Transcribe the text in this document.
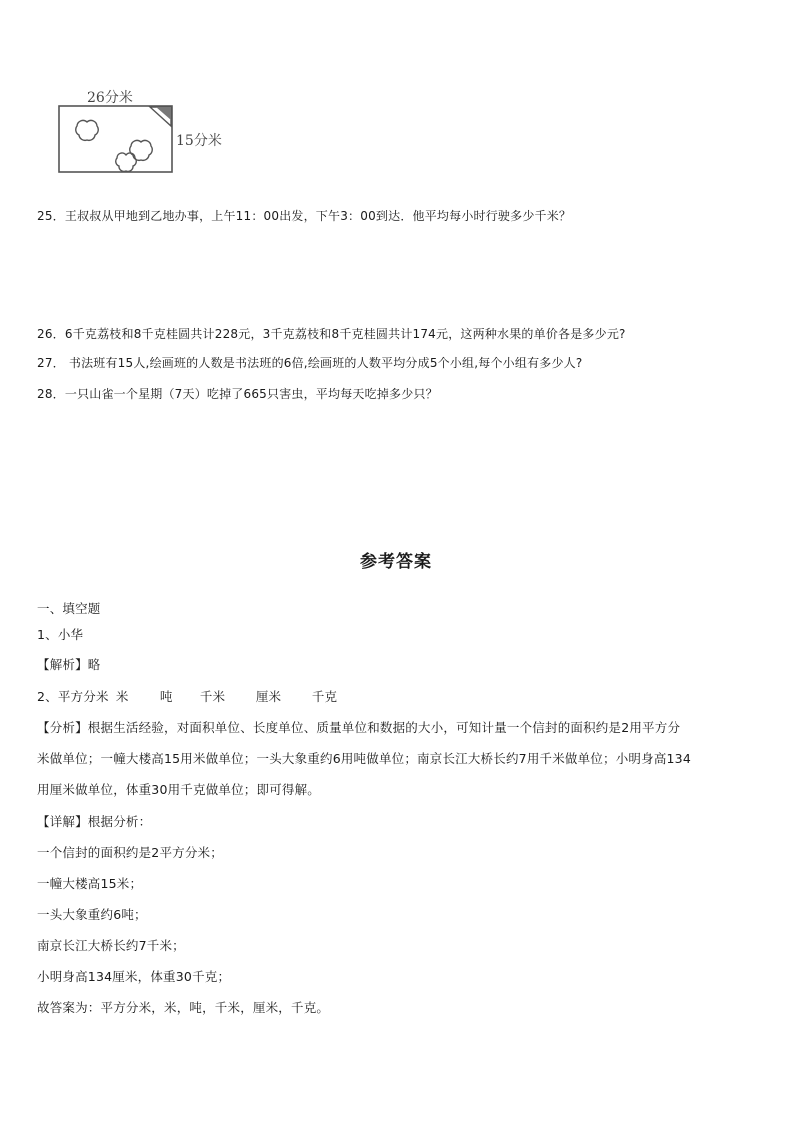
26分米
15分米
25．王叔叔从甲地到乙地办事，上午11：00出发，下午3：00到达．他平均每小时行驶多少千米？
26．6千克荔枝和8千克桂圆共计228元，3千克荔枝和8千克桂圆共计174元，这两种水果的单价各是多少元?
27． 书法班有15人,绘画班的人数是书法班的6倍,绘画班的人数平均分成5个小组,每个小组有多少人?
28．一只山雀一个星期（7天）吃掉了665只害虫，平均每天吃掉多少只？
参考答案
一、填空题
1、小华
【解析】略
2、平方分米 米	吨 千米 厘米 千克
【分析】根据生活经验，对面积单位、长度单位、质量单位和数据的大小，可知计量一个信封的面积约是2用平方分
米做单位；一幢大楼高15用米做单位；一头大象重约6用吨做单位；南京长江大桥长约7用千米做单位；小明身高134
用厘米做单位，体重30用千克做单位；即可得解。
【详解】根据分析：
一个信封的面积约是2平方分米；
一幢大楼高15米；
一头大象重约6吨；
南京长江大桥长约7千米；
小明身高134厘米，体重30千克；
故答案为：平方分米，米，吨，千米，厘米，千克。
